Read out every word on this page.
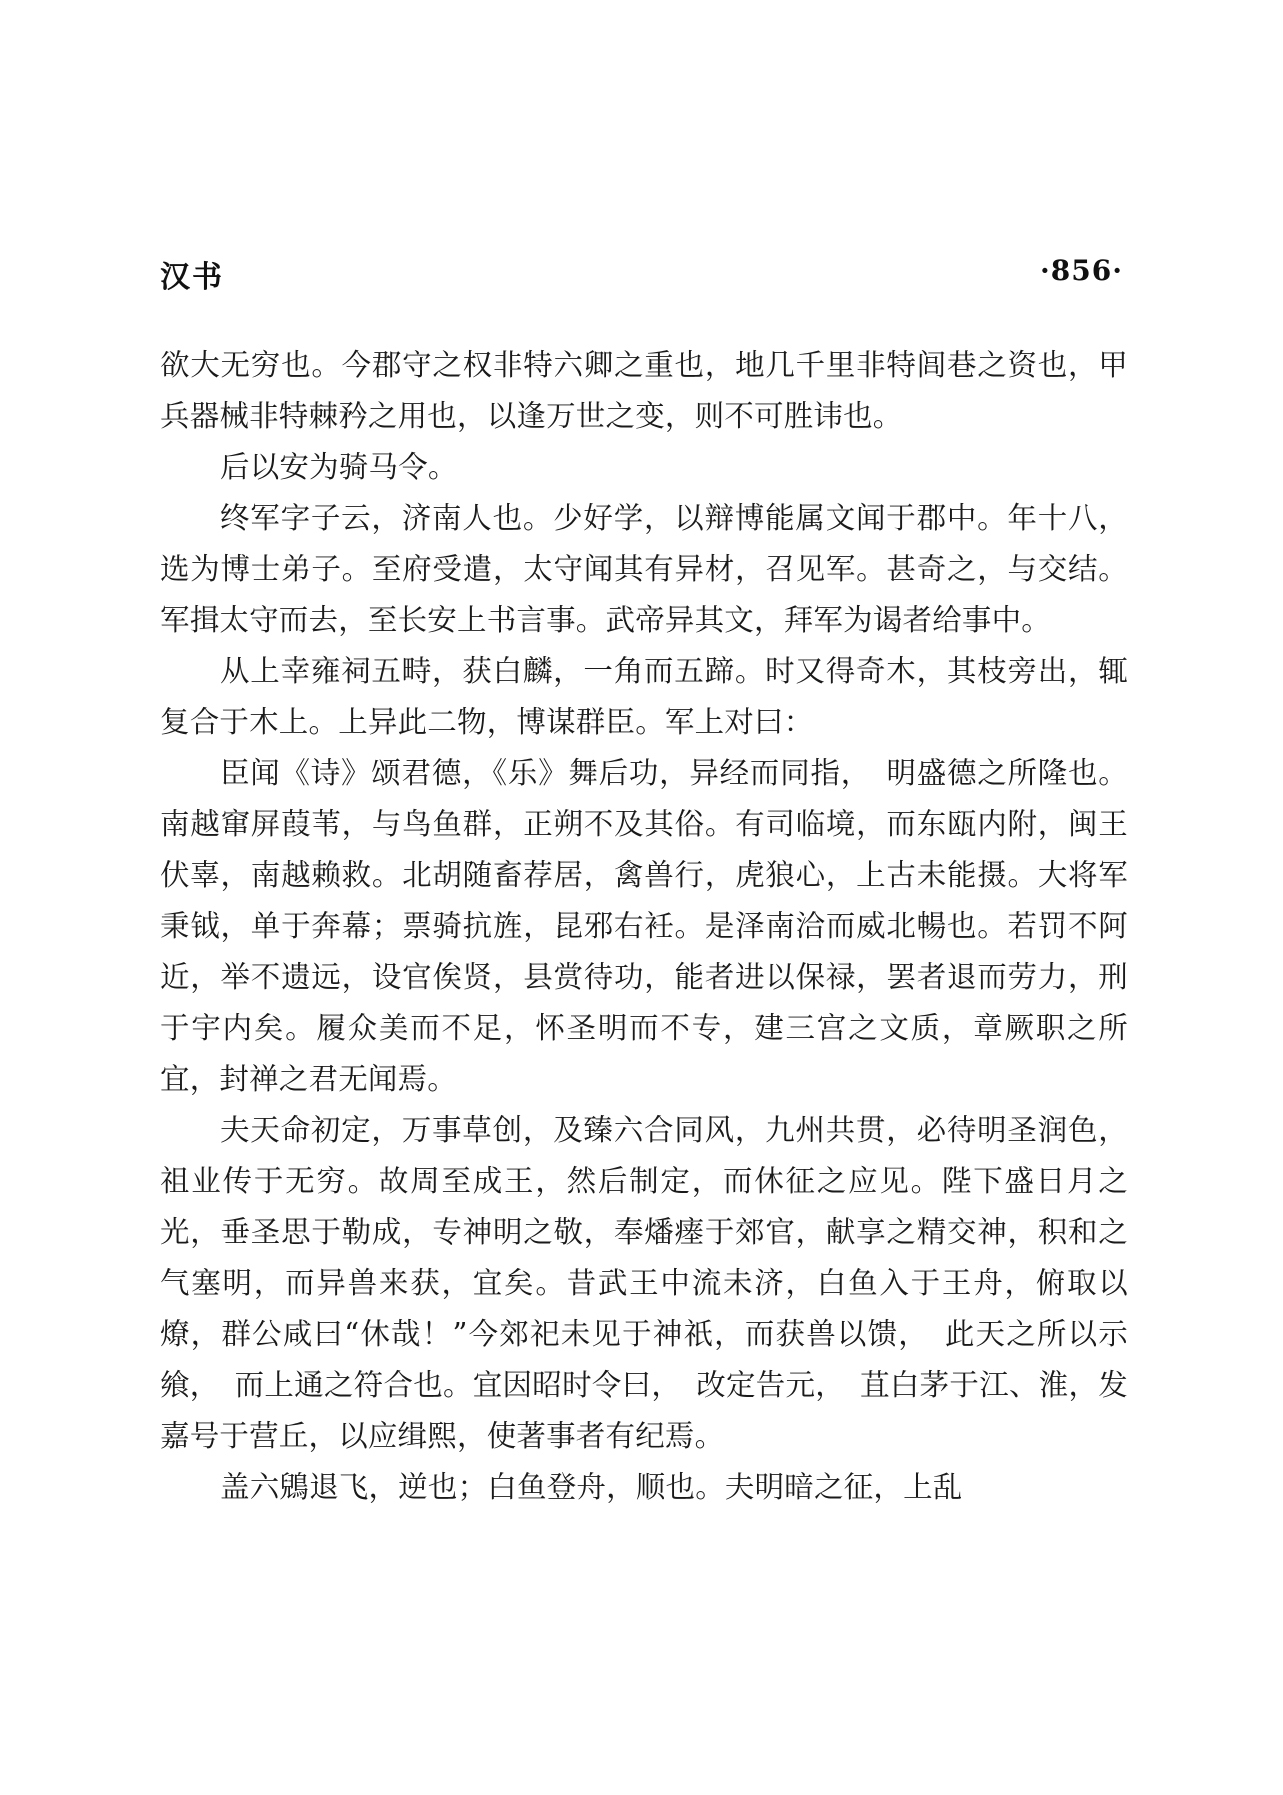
汉书	·856·

欲大无穷也。今郡守之权非特六卿之重也，地几千里非特闾巷之资也，甲兵器械非特棘矜之用也，以逢万世之变，则不可胜讳也。

后以安为骑马令。

终军字子云，济南人也。少好学，以辩博能属文闻于郡中。年十八，选为博士弟子。至府受遣，太守闻其有异材，召见军。甚奇之，与交结。军揖太守而去，至长安上书言事。武帝异其文，拜军为谒者给事中。

从上幸雍祠五畤，获白麟，一角而五蹄。时又得奇木，其枝旁出，辄复合于木上。上异此二物，博谋群臣。军上对曰：

臣闻《诗》颂君德，《乐》舞后功，异经而同指，　明盛德之所隆也。南越窜屏葭苇，与鸟鱼群，正朔不及其俗。有司临境，而东瓯内附，闽王伏辜，南越赖救。北胡随畜荐居，禽兽行，虎狼心，上古未能摄。大将军秉钺，单于奔幕；票骑抗旌，昆邪右衽。是泽南洽而威北暢也。若罚不阿近，举不遗远，设官俟贤，县赏待功，能者进以保禄，罢者退而劳力，刑于宇内矣。履众美而不足，怀圣明而不专，建三宫之文质，章厥职之所宜，封禅之君无闻焉。

夫天命初定，万事草创，及臻六合同风，九州共贯，必待明圣润色，祖业传于无穷。故周至成王，然后制定，而休征之应见。陛下盛日月之光，垂圣思于勒成，专神明之敬，奉燔瘗于郊官，献享之精交神，积和之气塞明，而异兽来获，宜矣。昔武王中流未济，白鱼入于王舟，俯取以燎，群公咸曰“休哉！”今郊祀未见于神祇，而获兽以馈，　此天之所以示飨，　而上通之符合也。宜因昭时令曰，　改定告元，　苴白茅于江、淮，发嘉号于营丘，以应缉熙，使著事者有纪焉。

盖六鶂退飞，逆也；白鱼登舟，顺也。夫明暗之征，上乱
